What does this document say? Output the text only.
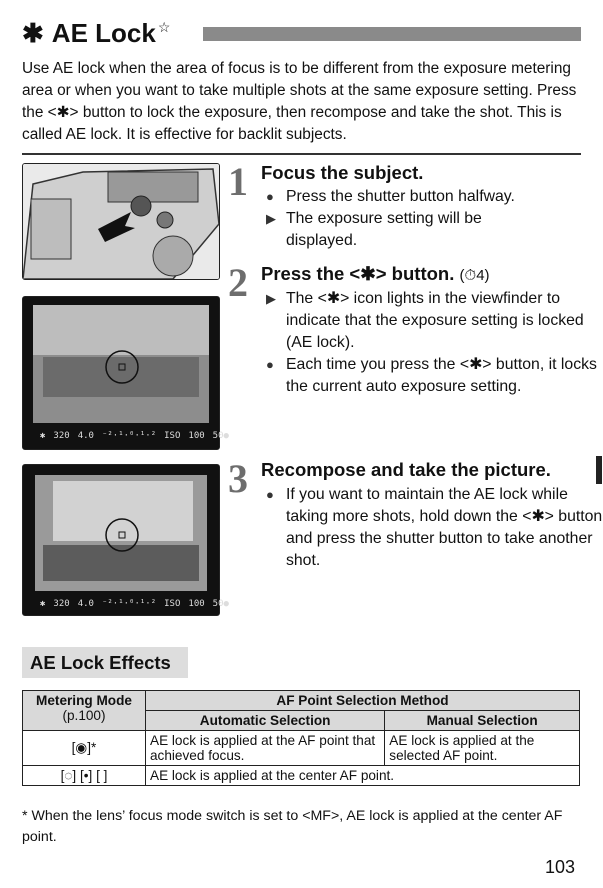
✱ AE Lock☆
Use AE lock when the area of focus is to be different from the exposure metering area or when you want to take multiple shots at the same exposure setting. Press the <✱> button to lock the exposure, then recompose and take the shot. This is called AE lock. It is effective for backlit subjects.
✱ 320 4.0 ⁻²·¹·⁰·¹·² ISO 100 50●
✱ 320 4.0 ⁻²·¹·⁰·¹·² ISO 100 50●
1 Focus the subject.
● Press the shutter button halfway.
▶ The exposure setting will be displayed.
2 Press the <✱> button. (⏱4)
▶ The <✱> icon lights in the viewfinder to indicate that the exposure setting is locked (AE lock).
● Each time you press the <✱> button, it locks the current auto exposure setting.
3 Recompose and take the picture.
● If you want to maintain the AE lock while taking more shots, hold down the <✱> button and press the shutter button to take another shot.
AE Lock Effects
Metering Mode
(p.100)	AF Point Selection Method	
	Automatic Selection	Manual Selection
[◉]*	AE lock is applied at the AF point that achieved focus.	AE lock is applied at the selected AF point.
[◌] [•] [ ]	AE lock is applied at the center AF point.	
* When the lens’ focus mode switch is set to <MF>, AE lock is applied at the center AF point.
103
